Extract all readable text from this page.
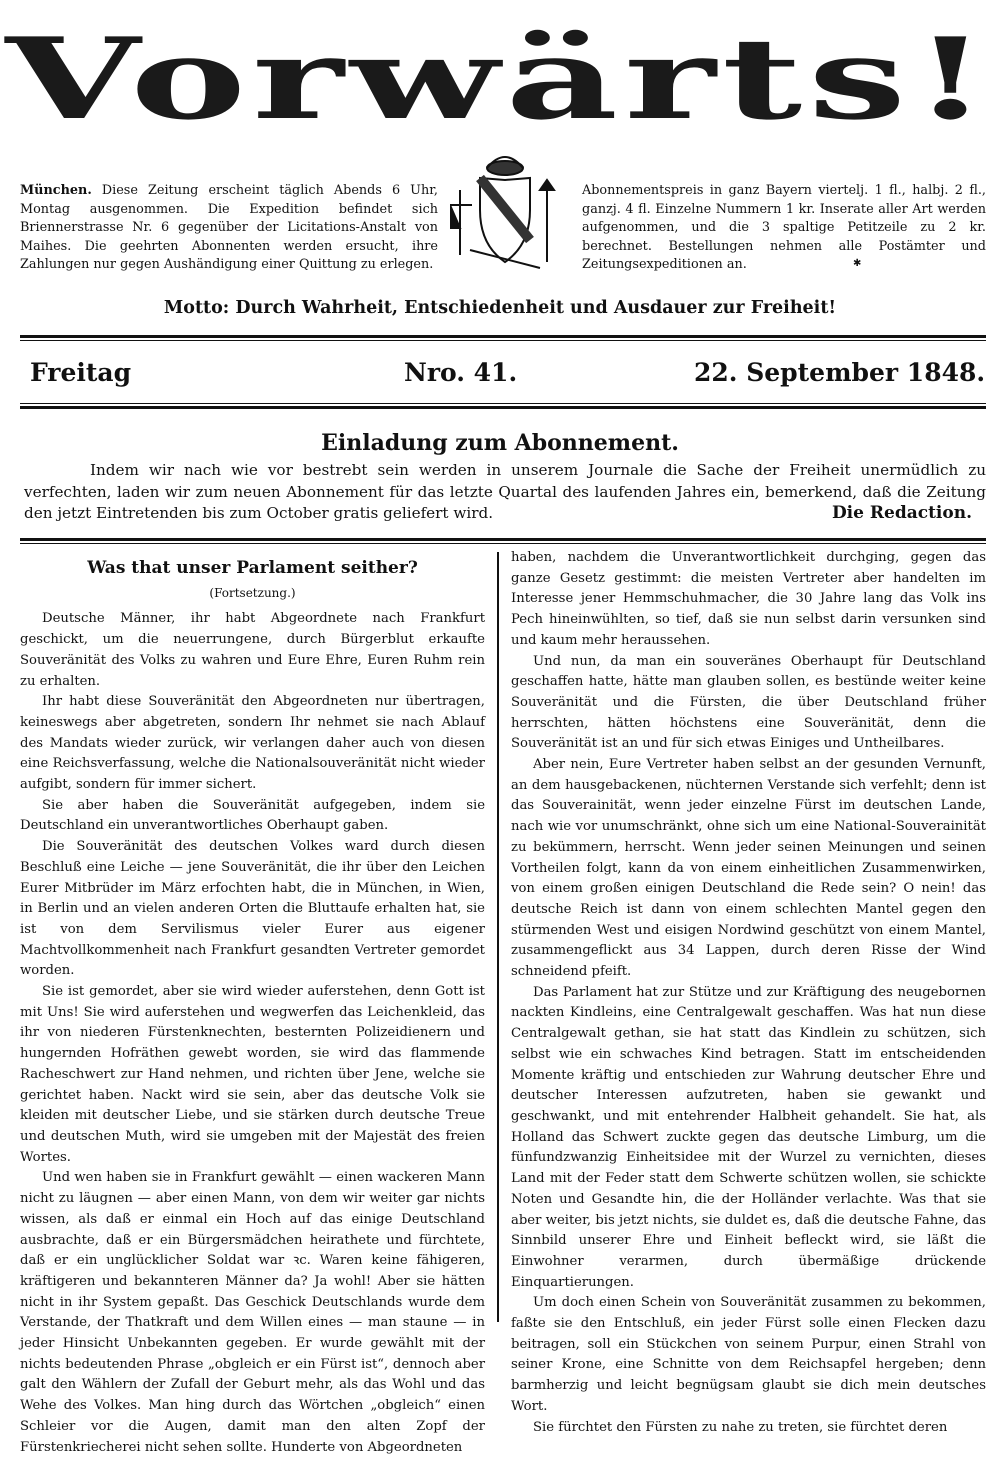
Vorwärts!
München. Diese Zeitung erscheint täglich Abends 6 Uhr, Montag ausgenommen. Die Expedition befindet sich Briennerstrasse Nr. 6 gegenüber der Licitations-Anstalt von Maihes. Die geehrten Abonnenten werden ersucht, ihre Zahlungen nur gegen Aushändigung einer Quittung zu erlegen.
Abonnementspreis in ganz Bayern viertelj. 1 fl., halbj. 2 fl., ganzj. 4 fl. Einzelne Nummern 1 kr. Inserate aller Art werden aufgenommen, und die 3 spaltige Petitzeile zu 2 kr. berechnet. Bestellungen nehmen alle Postämter und Zeitungsexpeditionen an.	✱
Motto: Durch Wahrheit, Entschiedenheit und Ausdauer zur Freiheit!
Freitag	Nro. 41.	22. September 1848.
Einladung zum Abonnement.
Indem wir nach wie vor bestrebt sein werden in unserem Journale die Sache der Freiheit unermüdlich zu verfechten, laden wir zum neuen Abonnement für das letzte Quartal des laufenden Jahres ein, bemerkend, daß die Zeitung den jetzt Eintretenden bis zum October gratis geliefert wird.	Die Redaction.
Was that unser Parlament seither?
(Fortsetzung.)

Deutsche Männer, ihr habt Abgeordnete nach Frankfurt geschickt, um die neuerrungene, durch Bürgerblut erkaufte Souveränität des Volks zu wahren und Eure Ehre, Euren Ruhm rein zu erhalten.

Ihr habt diese Souveränität den Abgeordneten nur übertragen, keineswegs aber abgetreten, sondern Ihr nehmet sie nach Ablauf des Mandats wieder zurück, wir verlangen daher auch von diesen eine Reichsverfassung, welche die Nationalsouveränität nicht wieder aufgibt, sondern für immer sichert.

Sie aber haben die Souveränität aufgegeben, indem sie Deutschland ein unverantwortliches Oberhaupt gaben.

Die Souveränität des deutschen Volkes ward durch diesen Beschluß eine Leiche — jene Souveränität, die ihr über den Leichen Eurer Mitbrüder im März erfochten habt, die in München, in Wien, in Berlin und an vielen anderen Orten die Bluttaufe erhalten hat, sie ist von dem Servilismus vieler Eurer aus eigener Machtvollkommenheit nach Frankfurt gesandten Vertreter gemordet worden.

Sie ist gemordet, aber sie wird wieder auferstehen, denn Gott ist mit Uns! Sie wird auferstehen und wegwerfen das Leichenkleid, das ihr von niederen Fürstenknechten, besternten Polizeidienern und hungernden Hofräthen gewebt worden, sie wird das flammende Racheschwert zur Hand nehmen, und richten über Jene, welche sie gerichtet haben. Nackt wird sie sein, aber das deutsche Volk sie kleiden mit deutscher Liebe, und sie stärken durch deutsche Treue und deutschen Muth, wird sie umgeben mit der Majestät des freien Wortes.

Und wen haben sie in Frankfurt gewählt — einen wackeren Mann nicht zu läugnen — aber einen Mann, von dem wir weiter gar nichts wissen, als daß er einmal ein Hoch auf das einige Deutschland ausbrachte, daß er ein Bürgersmädchen heirathete und fürchtete, daß er ein unglücklicher Soldat war ꝛc. Waren keine fähigeren, kräftigeren und bekannteren Männer da? Ja wohl! Aber sie hätten nicht in ihr System gepaßt. Das Geschick Deutschlands wurde dem Verstande, der Thatkraft und dem Willen eines — man staune — in jeder Hinsicht Unbekannten gegeben. Er wurde gewählt mit der nichts bedeutenden Phrase „obgleich er ein Fürst ist“, dennoch aber galt den Wählern der Zufall der Geburt mehr, als das Wohl und das Wehe des Volkes. Man hing durch das Wörtchen „obgleich“ einen Schleier vor die Augen, damit man den alten Zopf der Fürstenkriecherei nicht sehen sollte. Hunderte von Abgeordneten

haben, nachdem die Unverantwortlichkeit durchging, gegen das ganze Gesetz gestimmt: die meisten Vertreter aber handelten im Interesse jener Hemmschuhmacher, die 30 Jahre lang das Volk ins Pech hineinwühlten, so tief, daß sie nun selbst darin versunken sind und kaum mehr heraussehen.

Und nun, da man ein souveränes Oberhaupt für Deutschland geschaffen hatte, hätte man glauben sollen, es bestünde weiter keine Souveränität und die Fürsten, die über Deutschland früher herrschten, hätten höchstens eine Souveränität, denn die Souveränität ist an und für sich etwas Einiges und Untheilbares.

Aber nein, Eure Vertreter haben selbst an der gesunden Vernunft, an dem hausgebackenen, nüchternen Verstande sich verfehlt; denn ist das Souverainität, wenn jeder einzelne Fürst im deutschen Lande, nach wie vor unumschränkt, ohne sich um eine National-Souverainität zu bekümmern, herrscht. Wenn jeder seinen Meinungen und seinen Vortheilen folgt, kann da von einem einheitlichen Zusammenwirken, von einem großen einigen Deutschland die Rede sein? O nein! das deutsche Reich ist dann von einem schlechten Mantel gegen den stürmenden West und eisigen Nordwind geschützt von einem Mantel, zusammengeflickt aus 34 Lappen, durch deren Risse der Wind schneidend pfeift.

Das Parlament hat zur Stütze und zur Kräftigung des neugebornen nackten Kindleins, eine Centralgewalt geschaffen. Was hat nun diese Centralgewalt gethan, sie hat statt das Kindlein zu schützen, sich selbst wie ein schwaches Kind betragen. Statt im entscheidenden Momente kräftig und entschieden zur Wahrung deutscher Ehre und deutscher Interessen aufzutreten, haben sie gewankt und geschwankt, und mit entehrender Halbheit gehandelt. Sie hat, als Holland das Schwert zuckte gegen das deutsche Limburg, um die fünfundzwanzig Einheitsidee mit der Wurzel zu vernichten, dieses Land mit der Feder statt dem Schwerte schützen wollen, sie schickte Noten und Gesandte hin, die der Holländer verlachte. Was that sie aber weiter, bis jetzt nichts, sie duldet es, daß die deutsche Fahne, das Sinnbild unserer Ehre und Einheit befleckt wird, sie läßt die Einwohner verarmen, durch übermäßige drückende Einquartierungen.

Um doch einen Schein von Souveränität zusammen zu bekommen, faßte sie den Entschluß, ein jeder Fürst solle einen Flecken dazu beitragen, soll ein Stückchen von seinem Purpur, einen Strahl von seiner Krone, eine Schnitte von dem Reichsapfel hergeben; denn barmherzig und leicht begnügsam glaubt sie dich mein deutsches Wort.

Sie fürchtet den Fürsten zu nahe zu treten, sie fürchtet deren
